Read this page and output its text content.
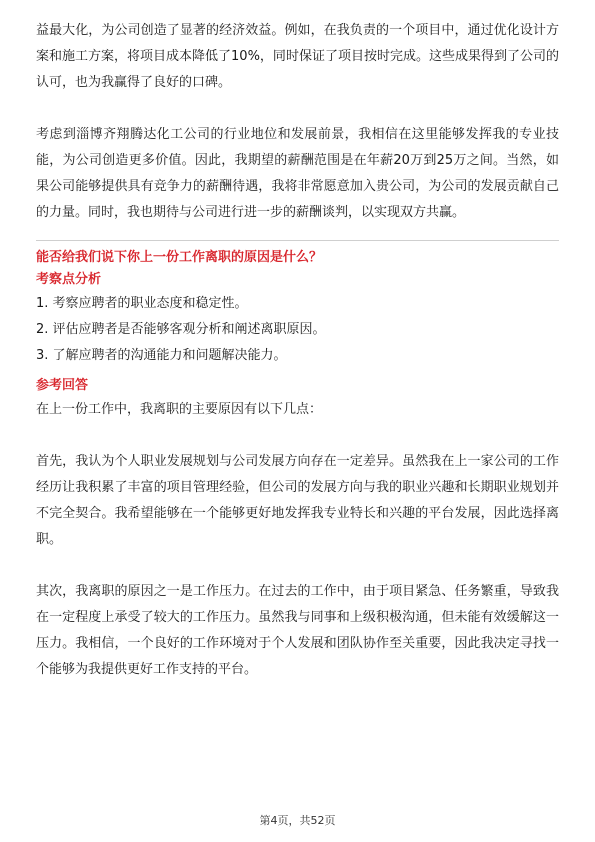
益最大化，为公司创造了显著的经济效益。例如，在我负责的一个项目中，通过优化设计方案和施工方案，将项目成本降低了10%，同时保证了项目按时完成。这些成果得到了公司的认可，也为我赢得了良好的口碑。

考虑到淄博齐翔腾达化工公司的行业地位和发展前景，我相信在这里能够发挥我的专业技能，为公司创造更多价值。因此，我期望的薪酬范围是在年薪20万到25万之间。当然，如果公司能够提供具有竞争力的薪酬待遇，我将非常愿意加入贵公司，为公司的发展贡献自己的力量。同时，我也期待与公司进行进一步的薪酬谈判，以实现双方共赢。

能否给我们说下你上一份工作离职的原因是什么？

考察点分析

1. 考察应聘者的职业态度和稳定性。

2. 评估应聘者是否能够客观分析和阐述离职原因。

3. 了解应聘者的沟通能力和问题解决能力。

参考回答

在上一份工作中，我离职的主要原因有以下几点：

首先，我认为个人职业发展规划与公司发展方向存在一定差异。虽然我在上一家公司的工作经历让我积累了丰富的项目管理经验，但公司的发展方向与我的职业兴趣和长期职业规划并不完全契合。我希望能够在一个能够更好地发挥我专业特长和兴趣的平台发展，因此选择离职。

其次，我离职的原因之一是工作压力。在过去的工作中，由于项目紧急、任务繁重，导致我在一定程度上承受了较大的工作压力。虽然我与同事和上级积极沟通，但未能有效缓解这一压力。我相信，一个良好的工作环境对于个人发展和团队协作至关重要，因此我决定寻找一个能够为我提供更好工作支持的平台。

第4页，共52页
